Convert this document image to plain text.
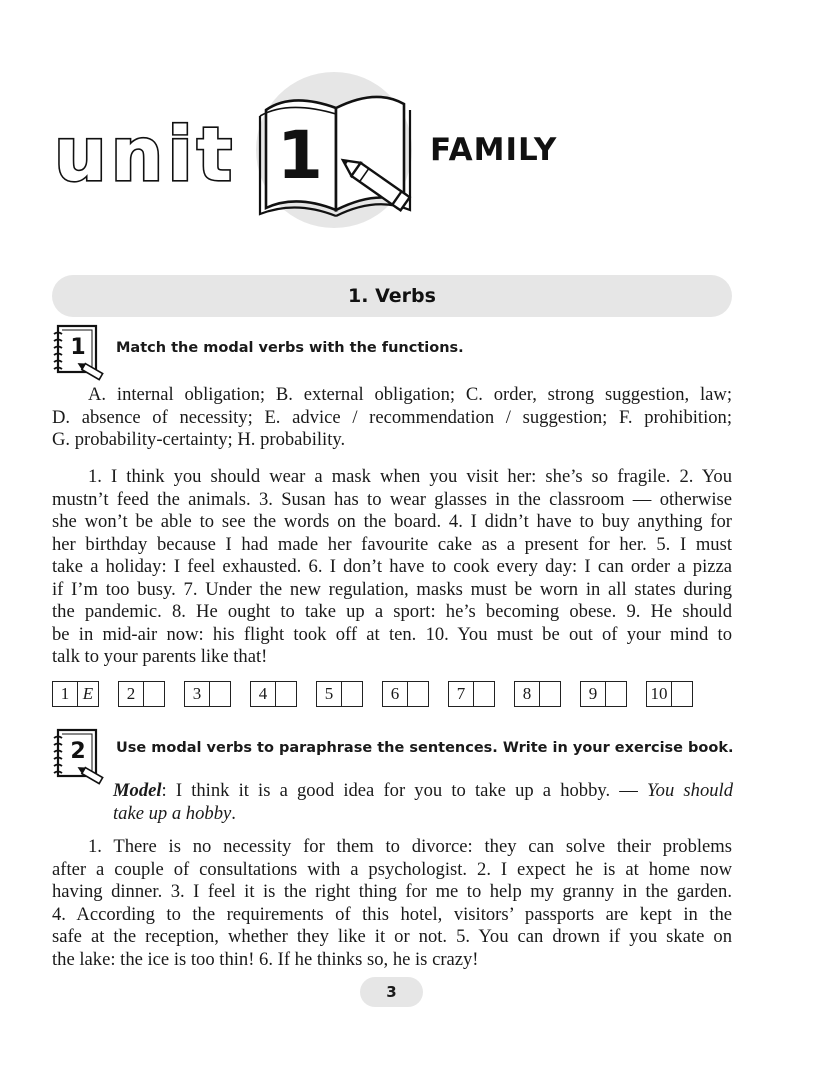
unit 1	FAMILY
1. Verbs
1 Match the modal verbs with the functions.
A. internal obligation; B. external obligation; C. order, strong suggestion, law;
D. absence of necessity; E. advice / recommendation / suggestion; F. prohibition;
G. probability-certainty; H. probability.
1. I think you should wear a mask when you visit her: she’s so fragile. 2. You
mustn’t feed the animals. 3. Susan has to wear glasses in the classroom — otherwise
she won’t be able to see the words on the board. 4. I didn’t have to buy anything for
her birthday because I had made her favourite cake as a present for her. 5. I must
take a holiday: I feel exhausted. 6. I don’t have to cook every day: I can order a pizza
if I’m too busy. 7. Under the new regulation, masks must be worn in all states during
the pandemic. 8. He ought to take up a sport: he’s becoming obese. 9. He should
be in mid-air now: his flight took off at ten. 10. You must be out of your mind to
talk to your parents like that!
1 E	2	3	4	5	6	7	8	9	10
2 Use modal verbs to paraphrase the sentences. Write in your exercise book.
Model: I think it is a good idea for you to take up a hobby. — You should
take up a hobby.
1. There is no necessity for them to divorce: they can solve their problems
after a couple of consultations with a psychologist. 2. I expect he is at home now
having dinner. 3. I feel it is the right thing for me to help my granny in the garden.
4. According to the requirements of this hotel, visitors’ passports are kept in the
safe at the reception, whether they like it or not. 5. You can drown if you skate on
the lake: the ice is too thin! 6. If he thinks so, he is crazy!
3
